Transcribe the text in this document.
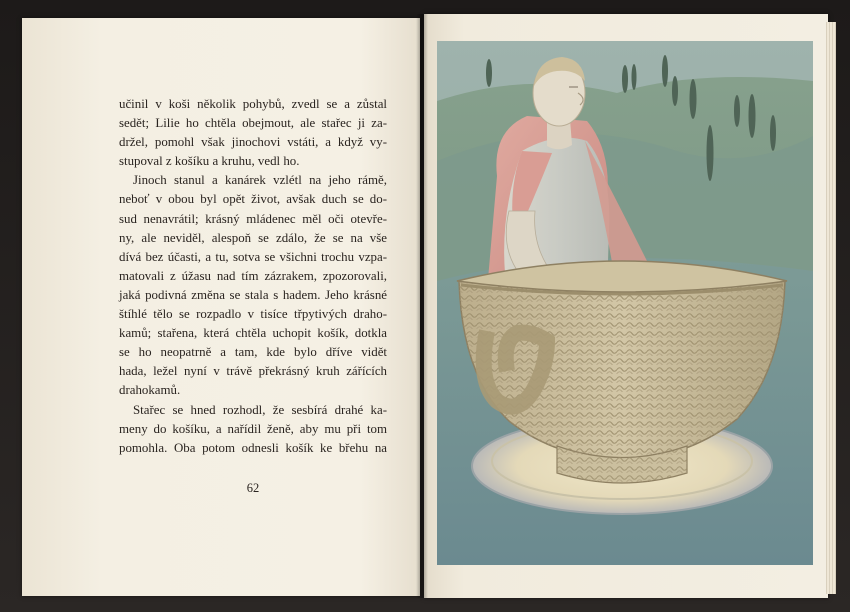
učinil v koši několik pohybů, zvedl se a zůstal
sedět; Lilie ho chtěla obejmout, ale stařec ji za-
držel, pomohl však jinochovi vstáti, a když vy-
stupoval z košíku a kruhu, vedl ho.
Jinoch stanul a kanárek vzlétl na jeho rámě,
neboť v obou byl opět život, avšak duch se do-
sud nenavrátil; krásný mládenec měl oči otevře-
ny, ale neviděl, alespoň se zdálo, že se na vše
dívá bez účasti, a tu, sotva se všichni trochu vzpa-
matovali z úžasu nad tím zázrakem, zpozorovali,
jaká podivná změna se stala s hadem. Jeho krásné
štíhlé tělo se rozpadlo v tisíce třpytivých draho-
kamů; stařena, která chtěla uchopit košík, dotkla
se ho neopatrně a tam, kde bylo dříve vidět
hada, ležel nyní v trávě překrásný kruh zářících
drahokamů.
Stařec se hned rozhodl, že sesbírá drahé ka-
meny do košíku, a nařídil ženě, aby mu při tom
pomohla. Oba potom odnesli košík ke břehu na
62
